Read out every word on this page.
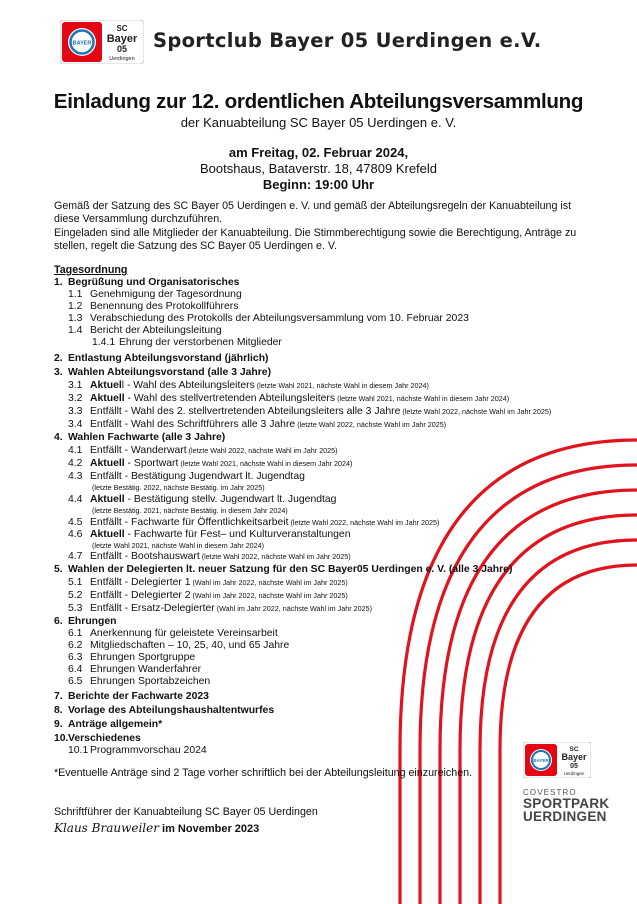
BAYER
SC
Bayer
05
Uerdingen
Sportclub Bayer 05 Uerdingen e.V.
Einladung zur 12. ordentlichen Abteilungsversammlung
der Kanuabteilung SC Bayer 05 Uerdingen e. V.
am Freitag, 02. Februar 2024,
Bootshaus, Bataverstr. 18, 47809 Krefeld
Beginn: 19:00 Uhr
Gemäß der Satzung des SC Bayer 05 Uerdingen e. V. und gemäß der Abteilungsregeln der Kanuabteilung ist diese Versammlung durchzuführen.
Eingeladen sind alle Mitglieder der Kanuabteilung. Die Stimmberechtigung sowie die Berechtigung, Anträge zu stellen, regelt die Satzung des SC Bayer 05 Uerdingen e. V.
Tagesordnung
1. Begrüßung und Organisatorisches
1.1 Genehmigung der Tagesordnung
1.2 Benennung des Protokollführers
1.3 Verabschiedung des Protokolls der Abteilungsversammlung vom 10. Februar 2023
1.4 Bericht der Abteilungsleitung
1.4.1 Ehrung der verstorbenen Mitglieder
2. Entlastung Abteilungsvorstand (jährlich)
3. Wahlen Abteilungsvorstand (alle 3 Jahre)
3.1 Aktuell - Wahl des Abteilungsleiters (letzte Wahl 2021, nächste Wahl in diesem Jahr 2024)
3.2 Aktuell - Wahl des stellvertretenden Abteilungsleiters (letzte Wahl 2021, nächste Wahl in diesem Jahr 2024)
3.3 Entfällt - Wahl des 2. stellvertretenden Abteilungsleiters alle 3 Jahre (letzte Wahl 2022, nächste Wahl im Jahr 2025)
3.4 Entfällt - Wahl des Schriftführers alle 3 Jahre (letzte Wahl 2022, nächste Wahl im Jahr 2025)
4. Wahlen Fachwarte (alle 3 Jahre)
4.1 Entfällt - Wanderwart (letzte Wahl 2022, nächste Wahl im Jahr 2025)
4.2 Aktuell - Sportwart (letzte Wahl 2021, nächste Wahl in diesem Jahr 2024)
4.3 Entfällt - Bestätigung Jugendwart lt. Jugendtag
(letzte Bestätig. 2022, nächste Bestätig. im Jahr 2025)
4.4 Aktuell - Bestätigung stellv. Jugendwart lt. Jugendtag
(letzte Bestätig. 2021, nächste Bestätig. in diesem Jahr 2024)
4.5 Entfällt - Fachwarte für Öffentlichkeitsarbeit (letzte Wahl 2022, nächste Wahl im Jahr 2025)
4.6 Aktuell - Fachwarte für Fest– und Kulturveranstaltungen
(letzte Wahl 2021, nächste Wahl in diesem Jahr 2024)
4.7 Entfällt - Bootshauswart (letzte Wahl 2022, nächste Wahl im Jahr 2025)
5. Wahlen der Delegierten lt. neuer Satzung für den SC Bayer05 Uerdingen e. V. (alle 3 Jahre)
5.1 Entfällt - Delegierter 1 (Wahl im Jahr 2022, nächste Wahl im Jahr 2025)
5.2 Entfällt - Delegierter 2 (Wahl im Jahr 2022, nächste Wahl im Jahr 2025)
5.3 Entfällt - Ersatz-Delegierter (Wahl im Jahr 2022, nächste Wahl im Jahr 2025)
6. Ehrungen
6.1 Anerkennung für geleistete Vereinsarbeit
6.2 Mitgliedschaften – 10, 25, 40, und 65 Jahre
6.3 Ehrungen Sportgruppe
6.4 Ehrungen Wanderfahrer
6.5 Ehrungen Sportabzeichen
7. Berichte der Fachwarte 2023
8. Vorlage des Abteilungshaushaltentwurfes
9. Anträge allgemein*
10. Verschiedenes
10.1 Programmvorschau 2024
*Eventuelle Anträge sind 2 Tage vorher schriftlich bei der Abteilungsleitung einzureichen.
Schriftführer der Kanuabteilung SC Bayer 05 Uerdingen
Klaus Brauweiler im November 2023
BAYER
SC
Bayer
05
Uerdingen
COVESTRO
SPORTPARK
UERDINGEN
